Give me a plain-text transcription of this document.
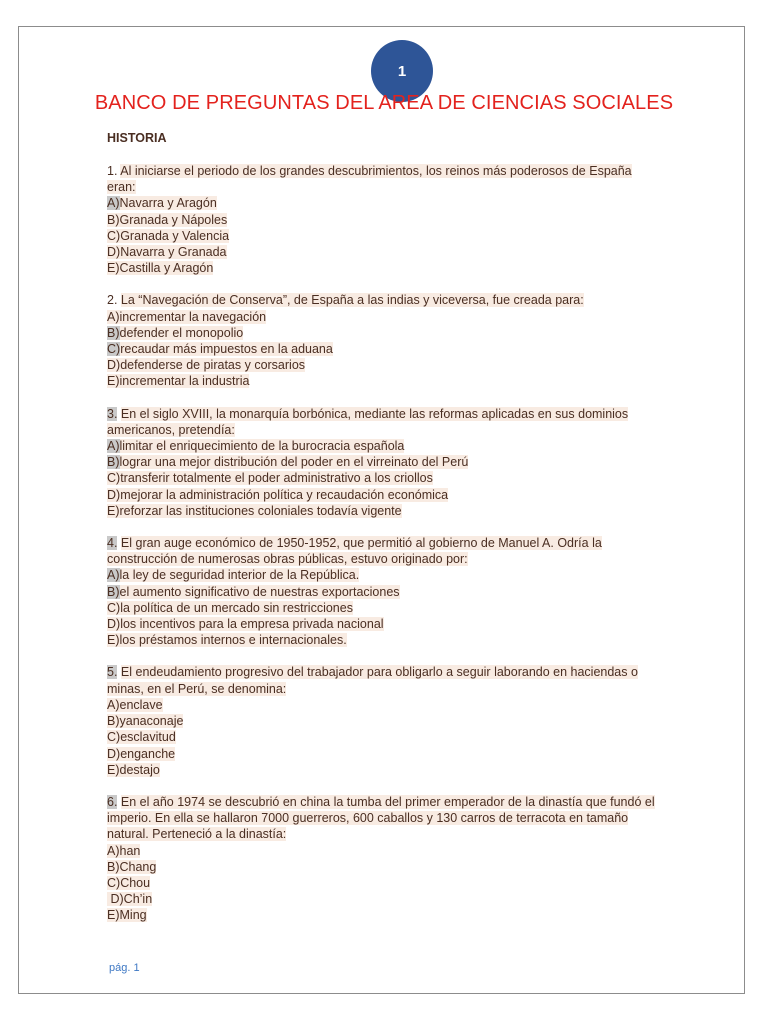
1
BANCO DE PREGUNTAS DEL AREA DE CIENCIAS SOCIALES
HISTORIA
1. Al iniciarse el periodo de los grandes descubrimientos, los reinos más poderosos de España
eran:
A)Navarra y Aragón
B)Granada y Nápoles
C)Granada y Valencia
D)Navarra y Granada
E)Castilla y Aragón
2. La “Navegación de Conserva”, de España a las indias y viceversa, fue creada para:
A)incrementar la navegación
B)defender el monopolio
C)recaudar más impuestos en la aduana
D)defenderse de piratas y corsarios
E)incrementar la industria
3. En el siglo XVIII, la monarquía borbónica, mediante las reformas aplicadas en sus dominios
americanos, pretendía:
A)limitar el enriquecimiento de la burocracia española
B)lograr una mejor distribución del poder en el virreinato del Perú
C)transferir totalmente el poder administrativo a los criollos
D)mejorar la administración política y recaudación económica
E)reforzar las instituciones coloniales todavía vigente
4. El gran auge económico de 1950-1952, que permitió al gobierno de Manuel A. Odría la
construcción de numerosas obras públicas, estuvo originado por:
A)la ley de seguridad interior de la República.
B)el aumento significativo de nuestras exportaciones
C)la política de un mercado sin restricciones
D)los incentivos para la empresa privada nacional
E)los préstamos internos e internacionales.
5. El endeudamiento progresivo del trabajador para obligarlo a seguir laborando en haciendas o
minas, en el Perú, se denomina:
A)enclave
B)yanaconaje
C)esclavitud
D)enganche
E)destajo
6. En el año 1974 se descubrió en china la tumba del primer emperador de la dinastía que fundó el
imperio. En ella se hallaron 7000 guerreros, 600 caballos y 130 carros de terracota en tamaño
natural. Perteneció a la dinastía:
A)han
B)Chang
C)Chou
D)Ch’in
E)Ming
pág. 1
